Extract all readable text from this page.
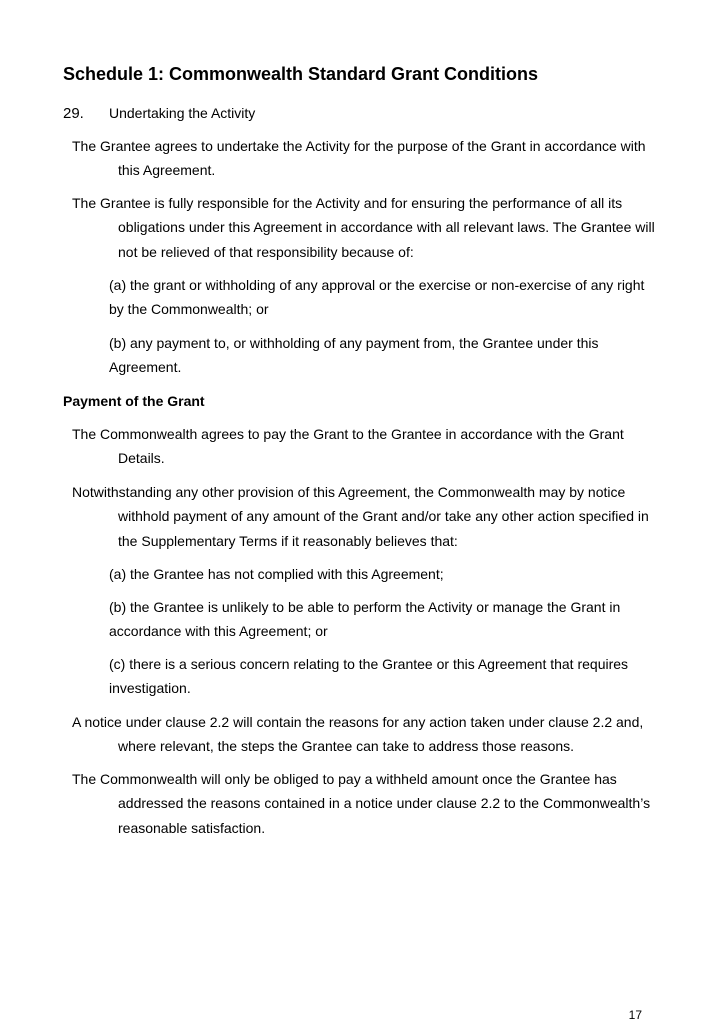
Schedule 1: Commonwealth Standard Grant Conditions
29. Undertaking the Activity

The Grantee agrees to undertake the Activity for the purpose of the Grant in accordance with this Agreement.

The Grantee is fully responsible for the Activity and for ensuring the performance of all its obligations under this Agreement in accordance with all relevant laws. The Grantee will not be relieved of that responsibility because of:

(a) the grant or withholding of any approval or the exercise or non-exercise of any right by the Commonwealth; or

(b) any payment to, or withholding of any payment from, the Grantee under this Agreement.

Payment of the Grant

The Commonwealth agrees to pay the Grant to the Grantee in accordance with the Grant Details.

Notwithstanding any other provision of this Agreement, the Commonwealth may by notice withhold payment of any amount of the Grant and/or take any other action specified in the Supplementary Terms if it reasonably believes that:

(a) the Grantee has not complied with this Agreement;

(b) the Grantee is unlikely to be able to perform the Activity or manage the Grant in accordance with this Agreement; or

(c) there is a serious concern relating to the Grantee or this Agreement that requires investigation.

A notice under clause 2.2 will contain the reasons for any action taken under clause 2.2 and, where relevant, the steps the Grantee can take to address those reasons.

The Commonwealth will only be obliged to pay a withheld amount once the Grantee has addressed the reasons contained in a notice under clause 2.2 to the Commonwealth’s reasonable satisfaction.

17
